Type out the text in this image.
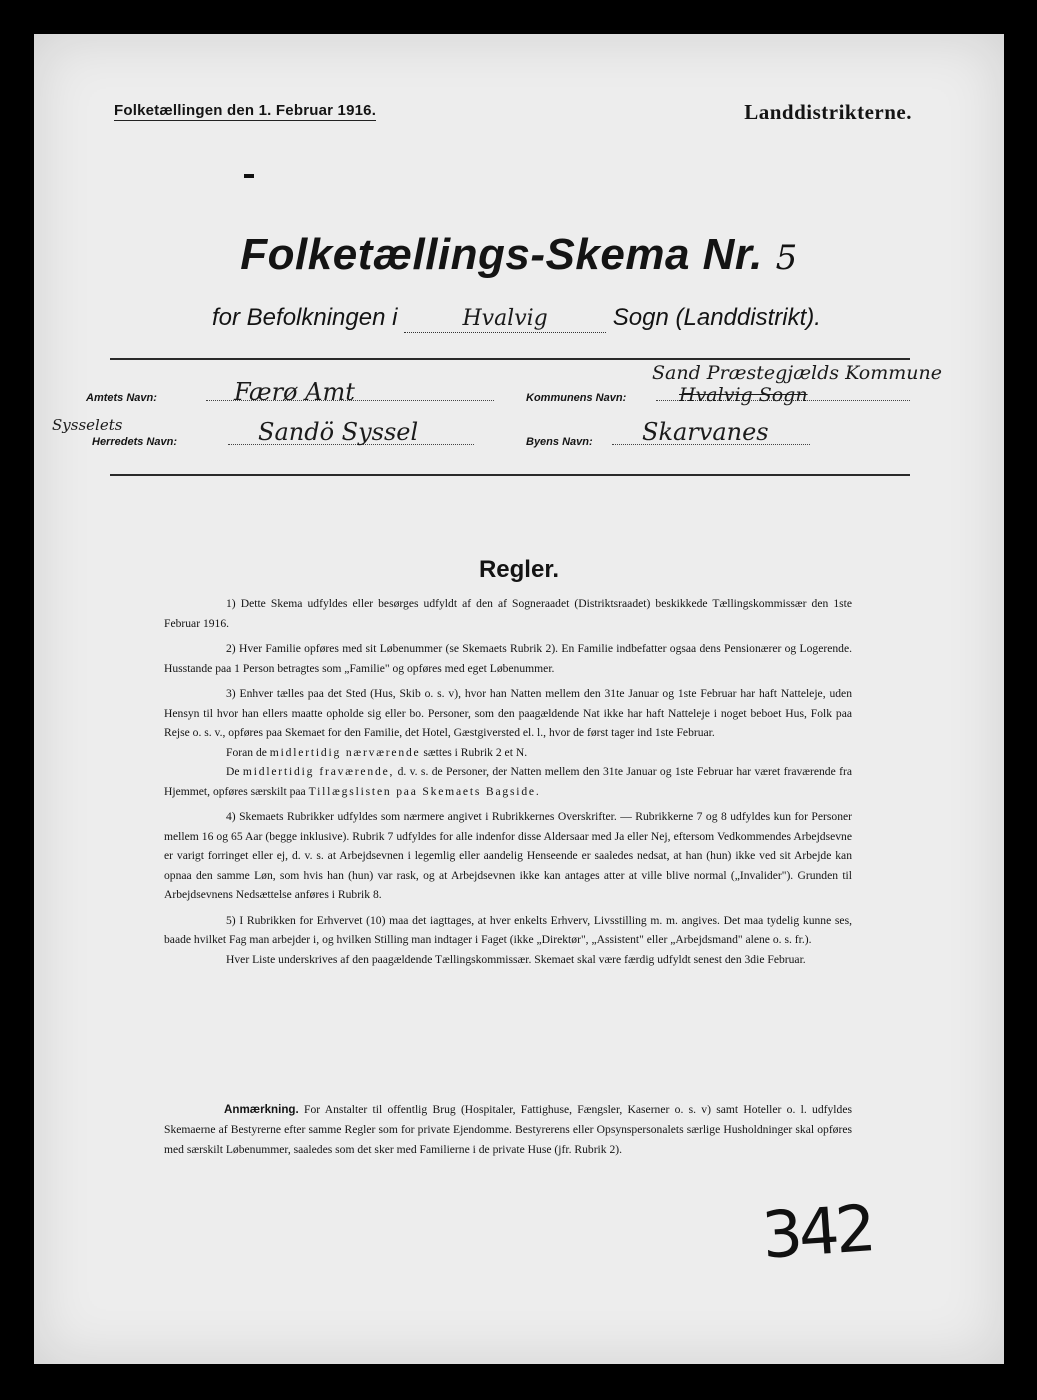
Folketællingen den 1. Februar 1916.	Landdistrikterne.
Folketællings-Skema Nr. 5
for Befolkningen i	Hvalvig	Sogn (Landdistrikt).
Amtets Navn:	Færø Amt
Sand Præstegjælds Kommune
Kommunens Navn:	Hvalvig Sogn
Sysselets
Herredets Navn:	Sandö Syssel	Byens Navn: Skarvanes
Regler.

1) Dette Skema udfyldes eller besørges udfyldt af den af Sogneraadet (Distriktsraadet) beskikkede Tællingskommissær den 1ste Februar 1916.

2) Hver Familie opføres med sit Løbenummer (se Skemaets Rubrik 2). En Familie indbefatter ogsaa dens Pensionærer og Logerende. Husstande paa 1 Person betragtes som „Familie" og opføres med eget Løbenummer.

3) Enhver tælles paa det Sted (Hus, Skib o. s. v), hvor han Natten mellem den 31te Januar og 1ste Februar har haft Natteleje, uden Hensyn til hvor han ellers maatte opholde sig eller bo. Personer, som den paagældende Nat ikke har haft Natteleje i noget beboet Hus, Folk paa Rejse o. s. v., opføres paa Skemaet for den Familie, det Hotel, Gæstgiversted el. l., hvor de først tager ind 1ste Februar.

Foran de midlertidig nærværende sættes i Rubrik 2 et N.

De midlertidig fraværende, d. v. s. de Personer, der Natten mellem den 31te Januar og 1ste Februar har været fraværende fra Hjemmet, opføres særskilt paa Tillægslisten paa Skemaets Bagside.

4) Skemaets Rubrikker udfyldes som nærmere angivet i Rubrikkernes Overskrifter. — Rubrikkerne 7 og 8 udfyldes kun for Personer mellem 16 og 65 Aar (begge inklusive). Rubrik 7 udfyldes for alle indenfor disse Aldersaar med Ja eller Nej, eftersom Vedkommendes Arbejdsevne er varigt forringet eller ej, d. v. s. at Arbejdsevnen i legemlig eller aandelig Henseende er saaledes nedsat, at han (hun) ikke ved sit Arbejde kan opnaa den samme Løn, som hvis han (hun) var rask, og at Arbejdsevnen ikke kan antages atter at ville blive normal („Invalider"). Grunden til Arbejdsevnens Nedsættelse anføres i Rubrik 8.

5) I Rubrikken for Erhvervet (10) maa det iagttages, at hver enkelts Erhverv, Livsstilling m. m. angives. Det maa tydelig kunne ses, baade hvilket Fag man arbejder i, og hvilken Stilling man indtager i Faget (ikke „Direktør", „Assistent" eller „Arbejdsmand" alene o. s. fr.).

Hver Liste underskrives af den paagældende Tællingskommissær. Skemaet skal være færdig udfyldt senest den 3die Februar.

Anmærkning. For Anstalter til offentlig Brug (Hospitaler, Fattighuse, Fængsler, Kaserner o. s. v) samt Hoteller o. l. udfyldes Skemaerne af Bestyrerne efter samme Regler som for private Ejendomme. Bestyrerens eller Opsynspersonalets særlige Husholdninger skal opføres med særskilt Løbenummer, saaledes som det sker med Familierne i de private Huse (jfr. Rubrik 2).

342
